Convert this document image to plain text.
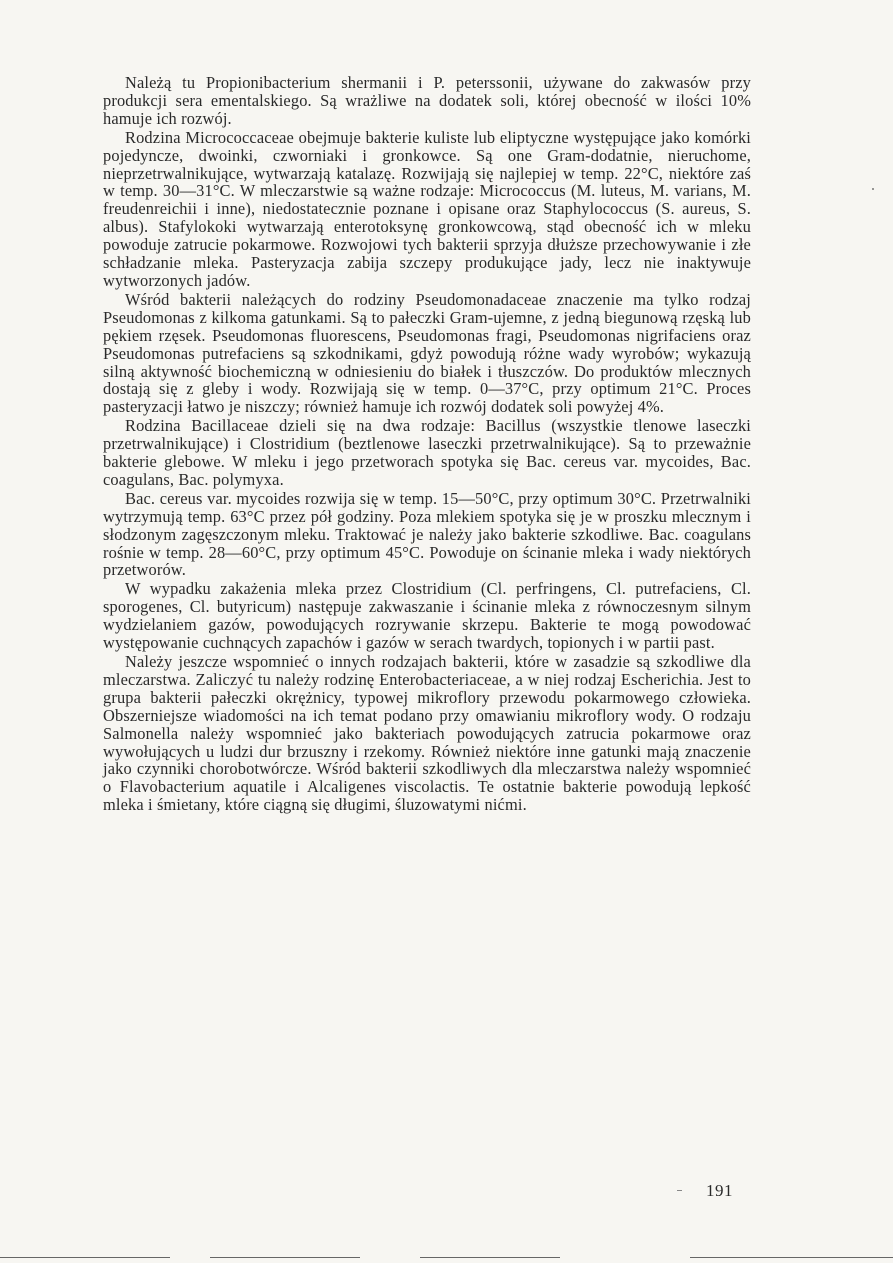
Należą tu Propionibacterium shermanii i P. peterssonii, używane do zakwasów przy produkcji sera ementalskiego. Są wrażliwe na dodatek soli, której obecność w ilości 10% hamuje ich rozwój.

Rodzina Micrococcaceae obejmuje bakterie kuliste lub eliptyczne występujące jako komórki pojedyncze, dwoinki, czworniaki i gronkowce. Są one Gram-dodatnie, nieruchome, nieprzetrwalnikujące, wytwarzają katalazę. Rozwijają się najlepiej w temp. 22°C, niektóre zaś w temp. 30—31°C. W mleczarstwie są ważne rodzaje: Micrococcus (M. luteus, M. varians, M. freudenreichii i inne), niedostatecznie poznane i opisane oraz Staphylococcus (S. aureus, S. albus). Stafylokoki wytwarzają enterotoksynę gronkowcową, stąd obecność ich w mleku powoduje zatrucie pokarmowe. Rozwojowi tych bakterii sprzyja dłuższe przechowywanie i złe schładzanie mleka. Pasteryzacja zabija szczepy produkujące jady, lecz nie inaktywuje wytworzonych jadów.

Wśród bakterii należących do rodziny Pseudomonadaceae znaczenie ma tylko rodzaj Pseudomonas z kilkoma gatunkami. Są to pałeczki Gram-ujemne, z jedną biegunową rzęską lub pękiem rzęsek. Pseudomonas fluorescens, Pseudomonas fragi, Pseudomonas nigrifaciens oraz Pseudomonas putrefaciens są szkodnikami, gdyż powodują różne wady wyrobów; wykazują silną aktywność biochemiczną w odniesieniu do białek i tłuszczów. Do produktów mlecznych dostają się z gleby i wody. Rozwijają się w temp. 0—37°C, przy optimum 21°C. Proces pasteryzacji łatwo je niszczy; również hamuje ich rozwój dodatek soli powyżej 4%.

Rodzina Bacillaceae dzieli się na dwa rodzaje: Bacillus (wszystkie tlenowe laseczki przetrwalnikujące) i Clostridium (beztlenowe laseczki przetrwalnikujące). Są to przeważnie bakterie glebowe. W mleku i jego przetworach spotyka się Bac. cereus var. mycoides, Bac. coagulans, Bac. polymyxa.

Bac. cereus var. mycoides rozwija się w temp. 15—50°C, przy optimum 30°C. Przetrwalniki wytrzymują temp. 63°C przez pół godziny. Poza mlekiem spotyka się je w proszku mlecznym i słodzonym zagęszczonym mleku. Traktować je należy jako bakterie szkodliwe. Bac. coagulans rośnie w temp. 28—60°C, przy optimum 45°C. Powoduje on ścinanie mleka i wady niektórych przetworów.

W wypadku zakażenia mleka przez Clostridium (Cl. perfringens, Cl. putrefaciens, Cl. sporogenes, Cl. butyricum) następuje zakwaszanie i ścinanie mleka z równoczesnym silnym wydzielaniem gazów, powodujących rozrywanie skrzepu. Bakterie te mogą powodować występowanie cuchnących zapachów i gazów w serach twardych, topionych i w partii past.

Należy jeszcze wspomnieć o innych rodzajach bakterii, które w zasadzie są szkodliwe dla mleczarstwa. Zaliczyć tu należy rodzinę Enterobacteriaceae, a w niej rodzaj Escherichia. Jest to grupa bakterii pałeczki okrężnicy, typowej mikroflory przewodu pokarmowego człowieka. Obszerniejsze wiadomości na ich temat podano przy omawianiu mikroflory wody. O rodzaju Salmonella należy wspomnieć jako bakteriach powodujących zatrucia pokarmowe oraz wywołujących u ludzi dur brzuszny i rzekomy. Również niektóre inne gatunki mają znaczenie jako czynniki chorobotwórcze. Wśród bakterii szkodliwych dla mleczarstwa należy wspomnieć o Flavobacterium aquatile i Alcaligenes viscolactis. Te ostatnie bakterie powodują lepkość mleka i śmietany, które ciągną się długimi, śluzowatymi nićmi.

191
